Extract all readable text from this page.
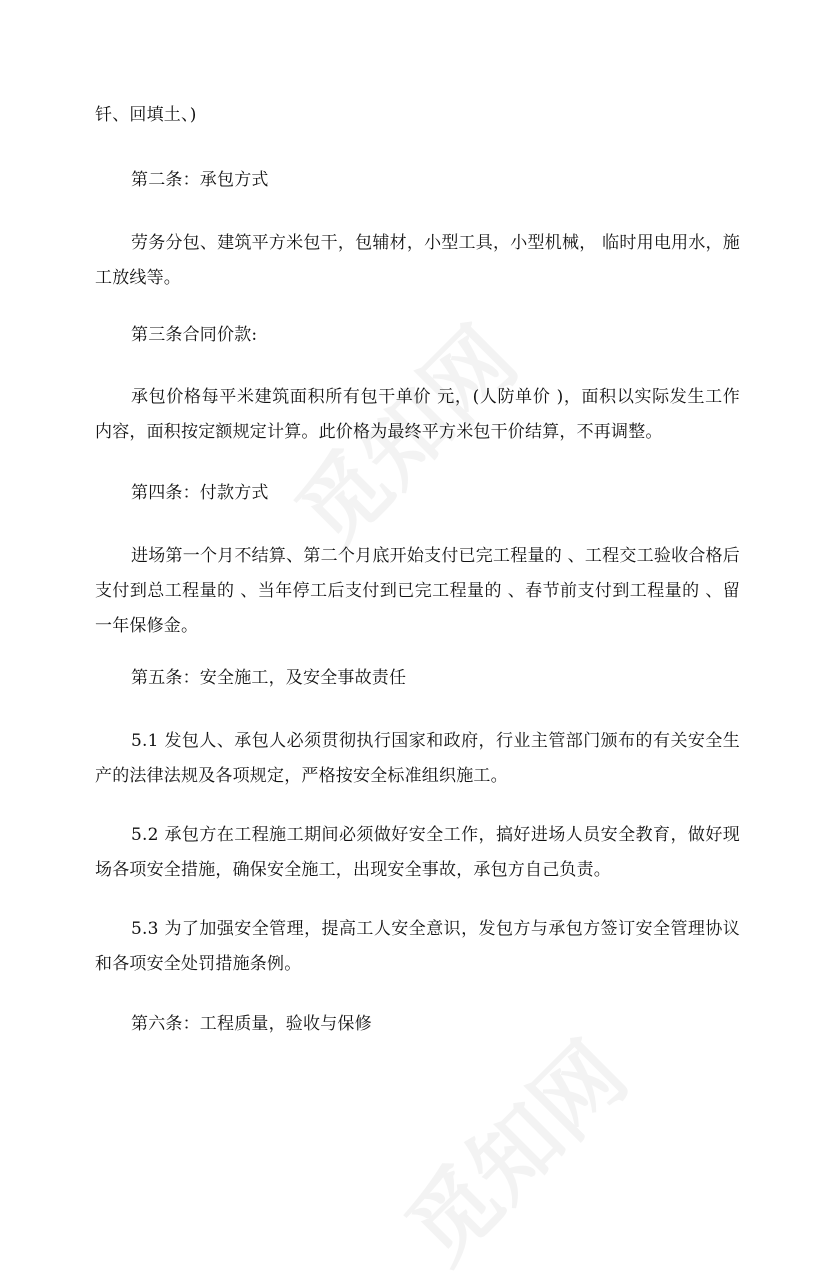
钎、回填土、)

第二条：承包方式

劳务分包、建筑平方米包干，包辅材，小型工具，小型机械， 临时用电用水，施工放线等。

第三条合同价款:

承包价格每平米建筑面积所有包干单价 元，(人防单价 )，面积以实际发生工作内容，面积按定额规定计算。此价格为最终平方米包干价结算，不再调整。

第四条：付款方式

进场第一个月不结算、第二个月底开始支付已完工程量的 、工程交工验收合格后支付到总工程量的 、当年停工后支付到已完工程量的 、春节前支付到工程量的 、留一年保修金。

第五条：安全施工，及安全事故责任

5.1 发包人、承包人必须贯彻执行国家和政府，行业主管部门颁布的有关安全生产的法律法规及各项规定，严格按安全标准组织施工。

5.2 承包方在工程施工期间必须做好安全工作，搞好进场人员安全教育，做好现场各项安全措施，确保安全施工，出现安全事故，承包方自己负责。

5.3 为了加强安全管理，提高工人安全意识，发包方与承包方签订安全管理协议和各项安全处罚措施条例。

第六条：工程质量，验收与保修
